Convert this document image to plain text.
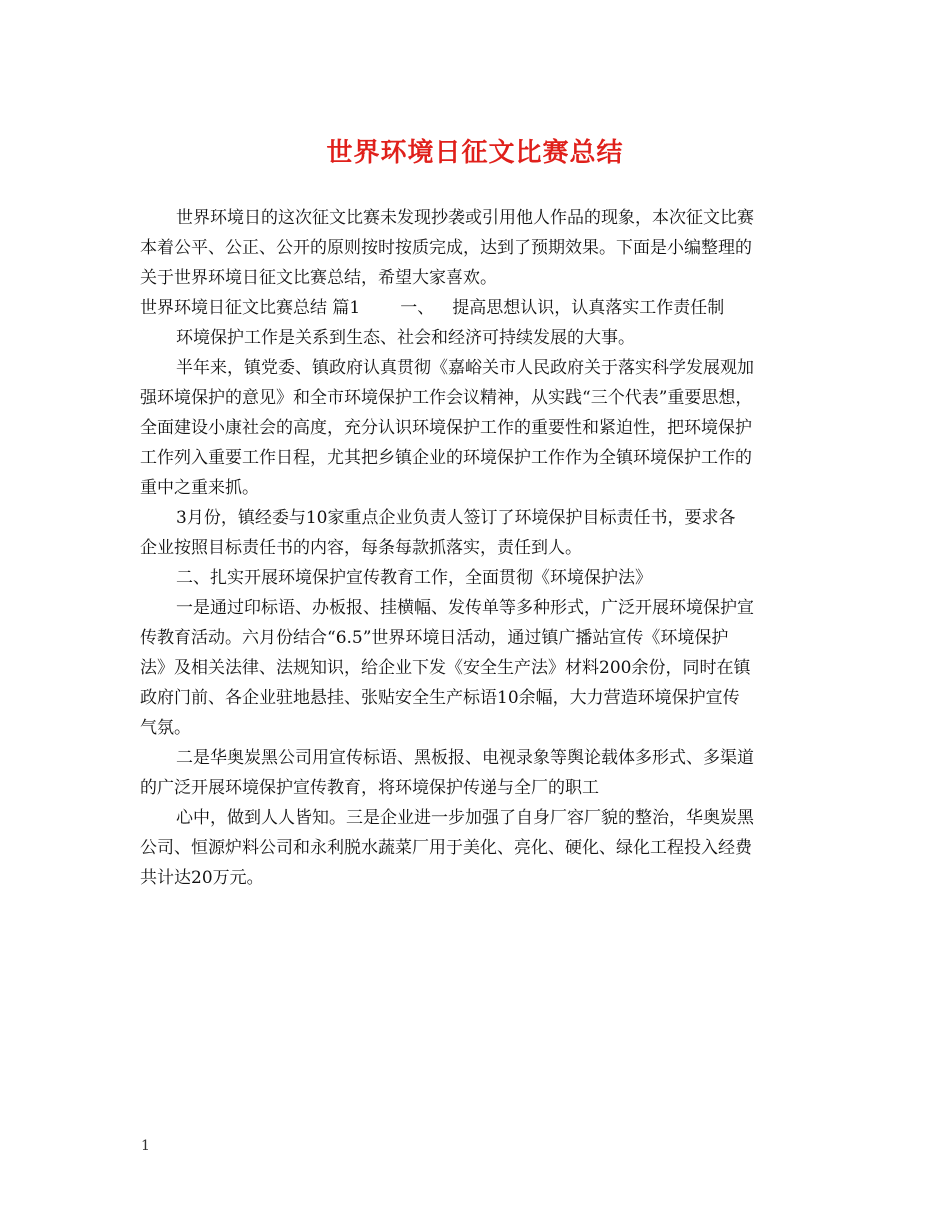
世界环境日征文比赛总结

世界环境日的这次征文比赛未发现抄袭或引用他人作品的现象，本次征文比赛

本着公平、公正、公开的原则按时按质完成，达到了预期效果。下面是小编整理的

关于世界环境日征文比赛总结，希望大家喜欢。

世界环境日征文比赛总结 篇1 一、 提高思想认识，认真落实工作责任制

环境保护工作是关系到生态、社会和经济可持续发展的大事。

半年来，镇党委、镇政府认真贯彻《嘉峪关市人民政府关于落实科学发展观加

强环境保护的意见》和全市环境保护工作会议精神，从实践“三个代表”重要思想，

全面建设小康社会的高度，充分认识环境保护工作的重要性和紧迫性，把环境保护

工作列入重要工作日程，尤其把乡镇企业的环境保护工作作为全镇环境保护工作的

重中之重来抓。

3月份，镇经委与10家重点企业负责人签订了环境保护目标责任书，要求各

企业按照目标责任书的内容，每条每款抓落实，责任到人。

二、扎实开展环境保护宣传教育工作，全面贯彻《环境保护法》

一是通过印标语、办板报、挂横幅、发传单等多种形式，广泛开展环境保护宣

传教育活动。六月份结合“6.5”世界环境日活动，通过镇广播站宣传《环境保护

法》及相关法律、法规知识，给企业下发《安全生产法》材料200余份，同时在镇

政府门前、各企业驻地悬挂、张贴安全生产标语10余幅，大力营造环境保护宣传

气氛。

二是华奥炭黑公司用宣传标语、黑板报、电视录象等舆论载体多形式、多渠道

的广泛开展环境保护宣传教育，将环境保护传递与全厂的职工

心中，做到人人皆知。三是企业进一步加强了自身厂容厂貌的整治，华奥炭黑

公司、恒源炉料公司和永利脱水蔬菜厂用于美化、亮化、硬化、绿化工程投入经费

共计达20万元。

1
